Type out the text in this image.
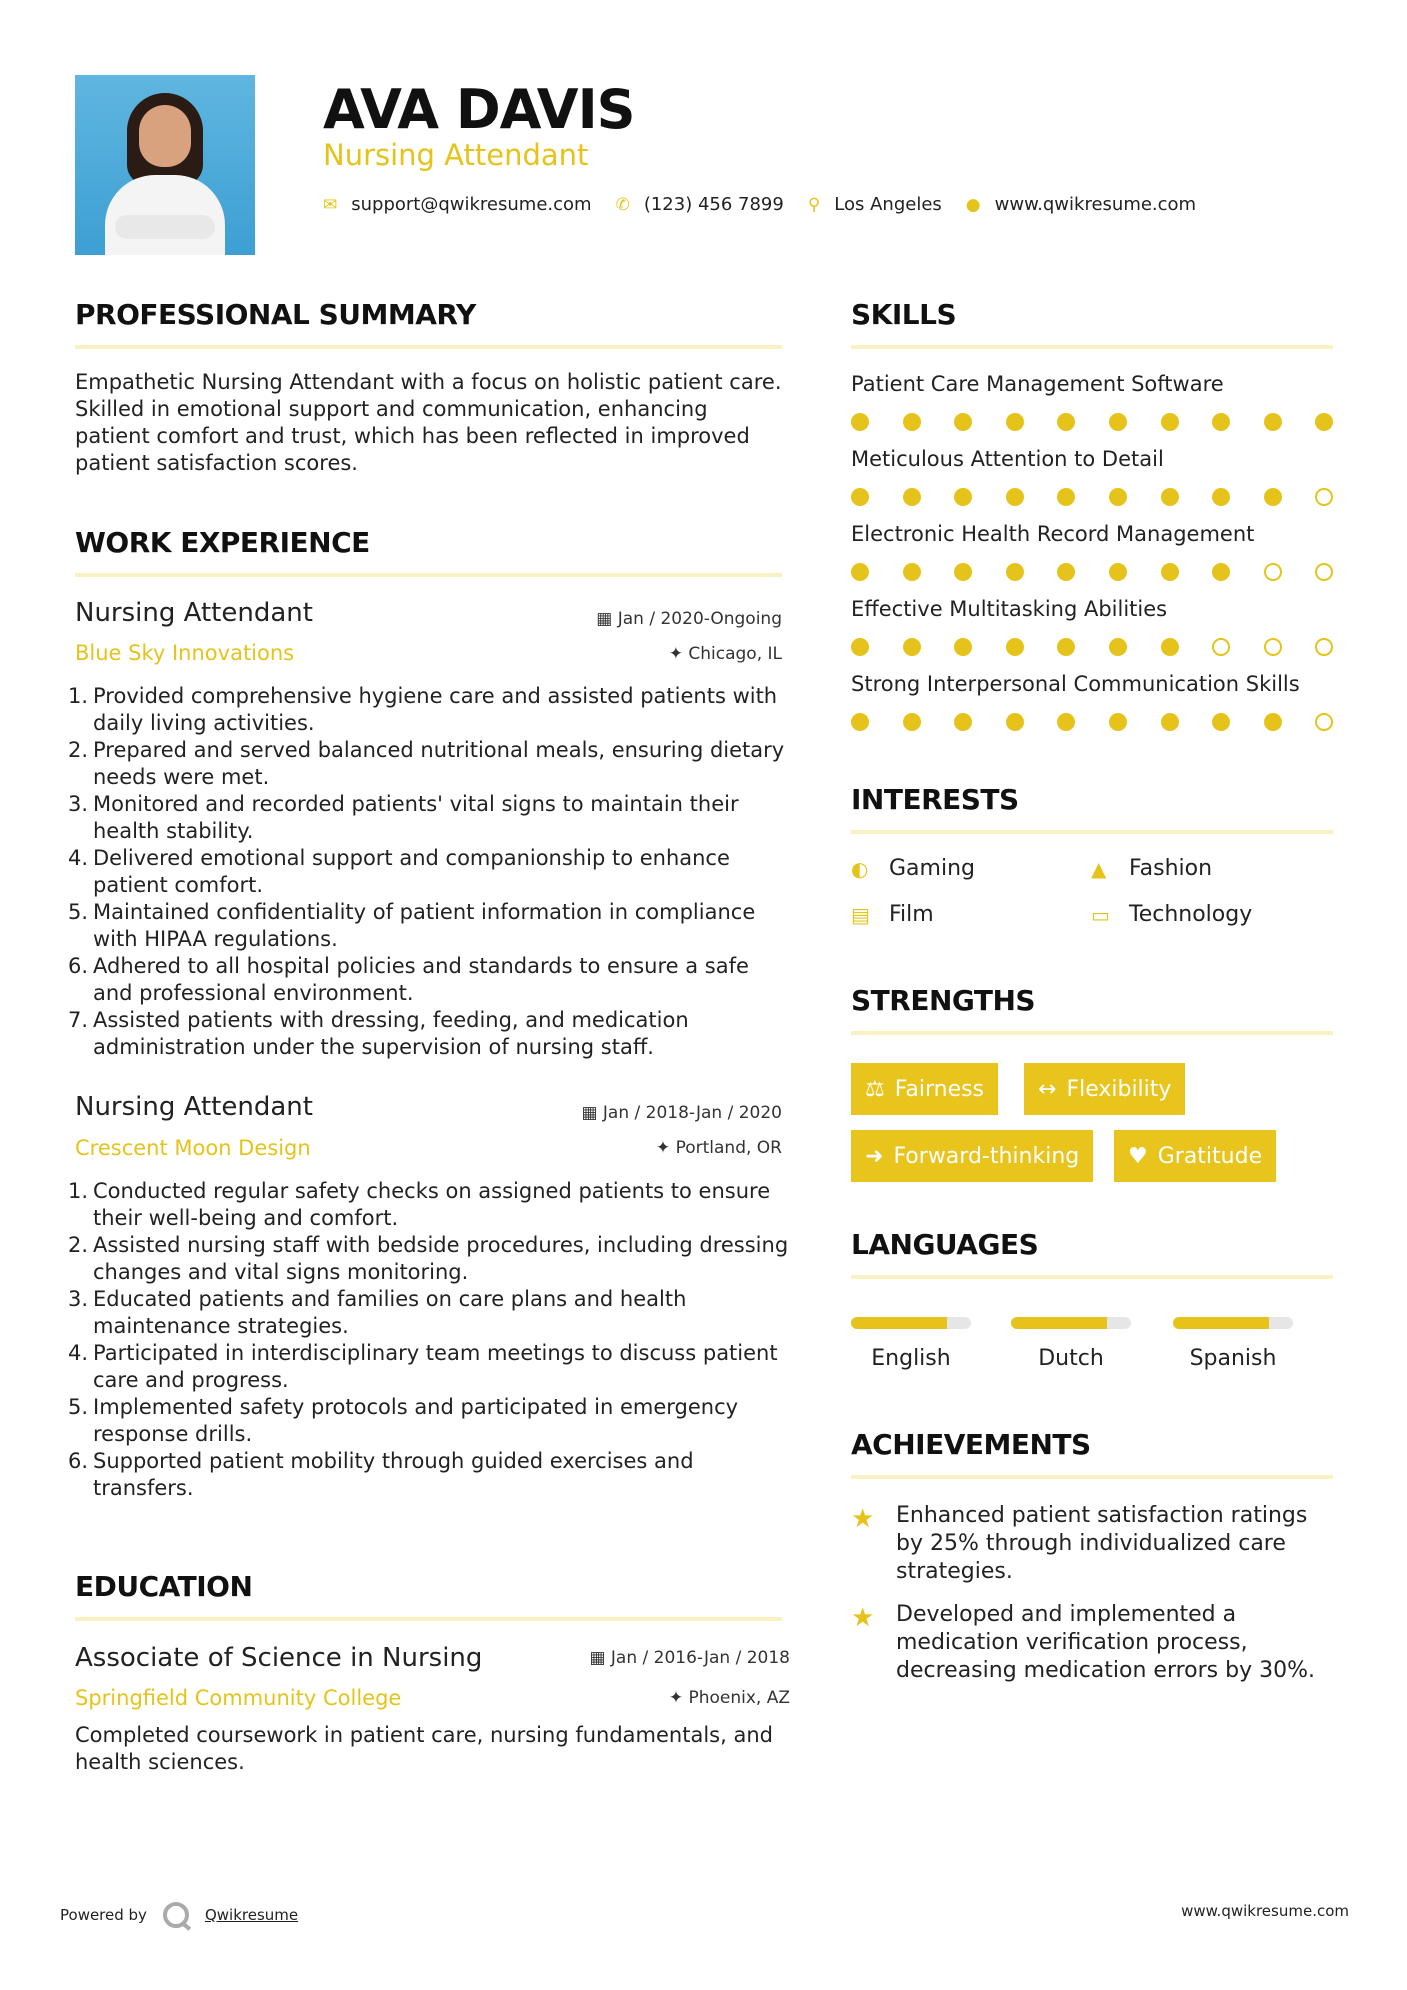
AVA DAVIS
Nursing Attendant
✉ support@qwikresume.com ✆ (123) 456 7899 ⚲ Los Angeles ● www.qwikresume.com
PROFESSIONAL SUMMARY
Empathetic Nursing Attendant with a focus on holistic patient care. Skilled in emotional support and communication, enhancing patient comfort and trust, which has been reflected in improved patient satisfaction scores.
WORK EXPERIENCE
Nursing Attendant	▦ Jan / 2020-Ongoing
Blue Sky Innovations	✦ Chicago, IL
1. Provided comprehensive hygiene care and assisted patients with daily living activities.
2. Prepared and served balanced nutritional meals, ensuring dietary needs were met.
3. Monitored and recorded patients' vital signs to maintain their health stability.
4. Delivered emotional support and companionship to enhance patient comfort.
5. Maintained confidentiality of patient information in compliance with HIPAA regulations.
6. Adhered to all hospital policies and standards to ensure a safe and professional environment.
7. Assisted patients with dressing, feeding, and medication administration under the supervision of nursing staff.
Nursing Attendant	▦ Jan / 2018-Jan / 2020
Crescent Moon Design	✦ Portland, OR
1. Conducted regular safety checks on assigned patients to ensure their well-being and comfort.
2. Assisted nursing staff with bedside procedures, including dressing changes and vital signs monitoring.
3. Educated patients and families on care plans and health maintenance strategies.
4. Participated in interdisciplinary team meetings to discuss patient care and progress.
5. Implemented safety protocols and participated in emergency response drills.
6. Supported patient mobility through guided exercises and transfers.
EDUCATION
Associate of Science in Nursing	▦ Jan / 2016-Jan / 2018
Springfield Community College	✦ Phoenix, AZ
Completed coursework in patient care, nursing fundamentals, and health sciences.
SKILLS
Patient Care Management Software
Meticulous Attention to Detail
Electronic Health Record Management
Effective Multitasking Abilities
Strong Interpersonal Communication Skills
INTERESTS
◐ Gaming	▲	Fashion
▤ Film	▭ Technology
STRENGTHS
⚖ Fairness ↔ Flexibility
➜ Forward-thinking ♥ Gratitude
LANGUAGES
English	Dutch	Spanish
ACHIEVEMENTS
★ Enhanced patient satisfaction ratings by 25% through individualized care strategies.
★ Developed and implemented a medication verification process, decreasing medication errors by 30%.
Powered by	Qwikresume	www.qwikresume.com
